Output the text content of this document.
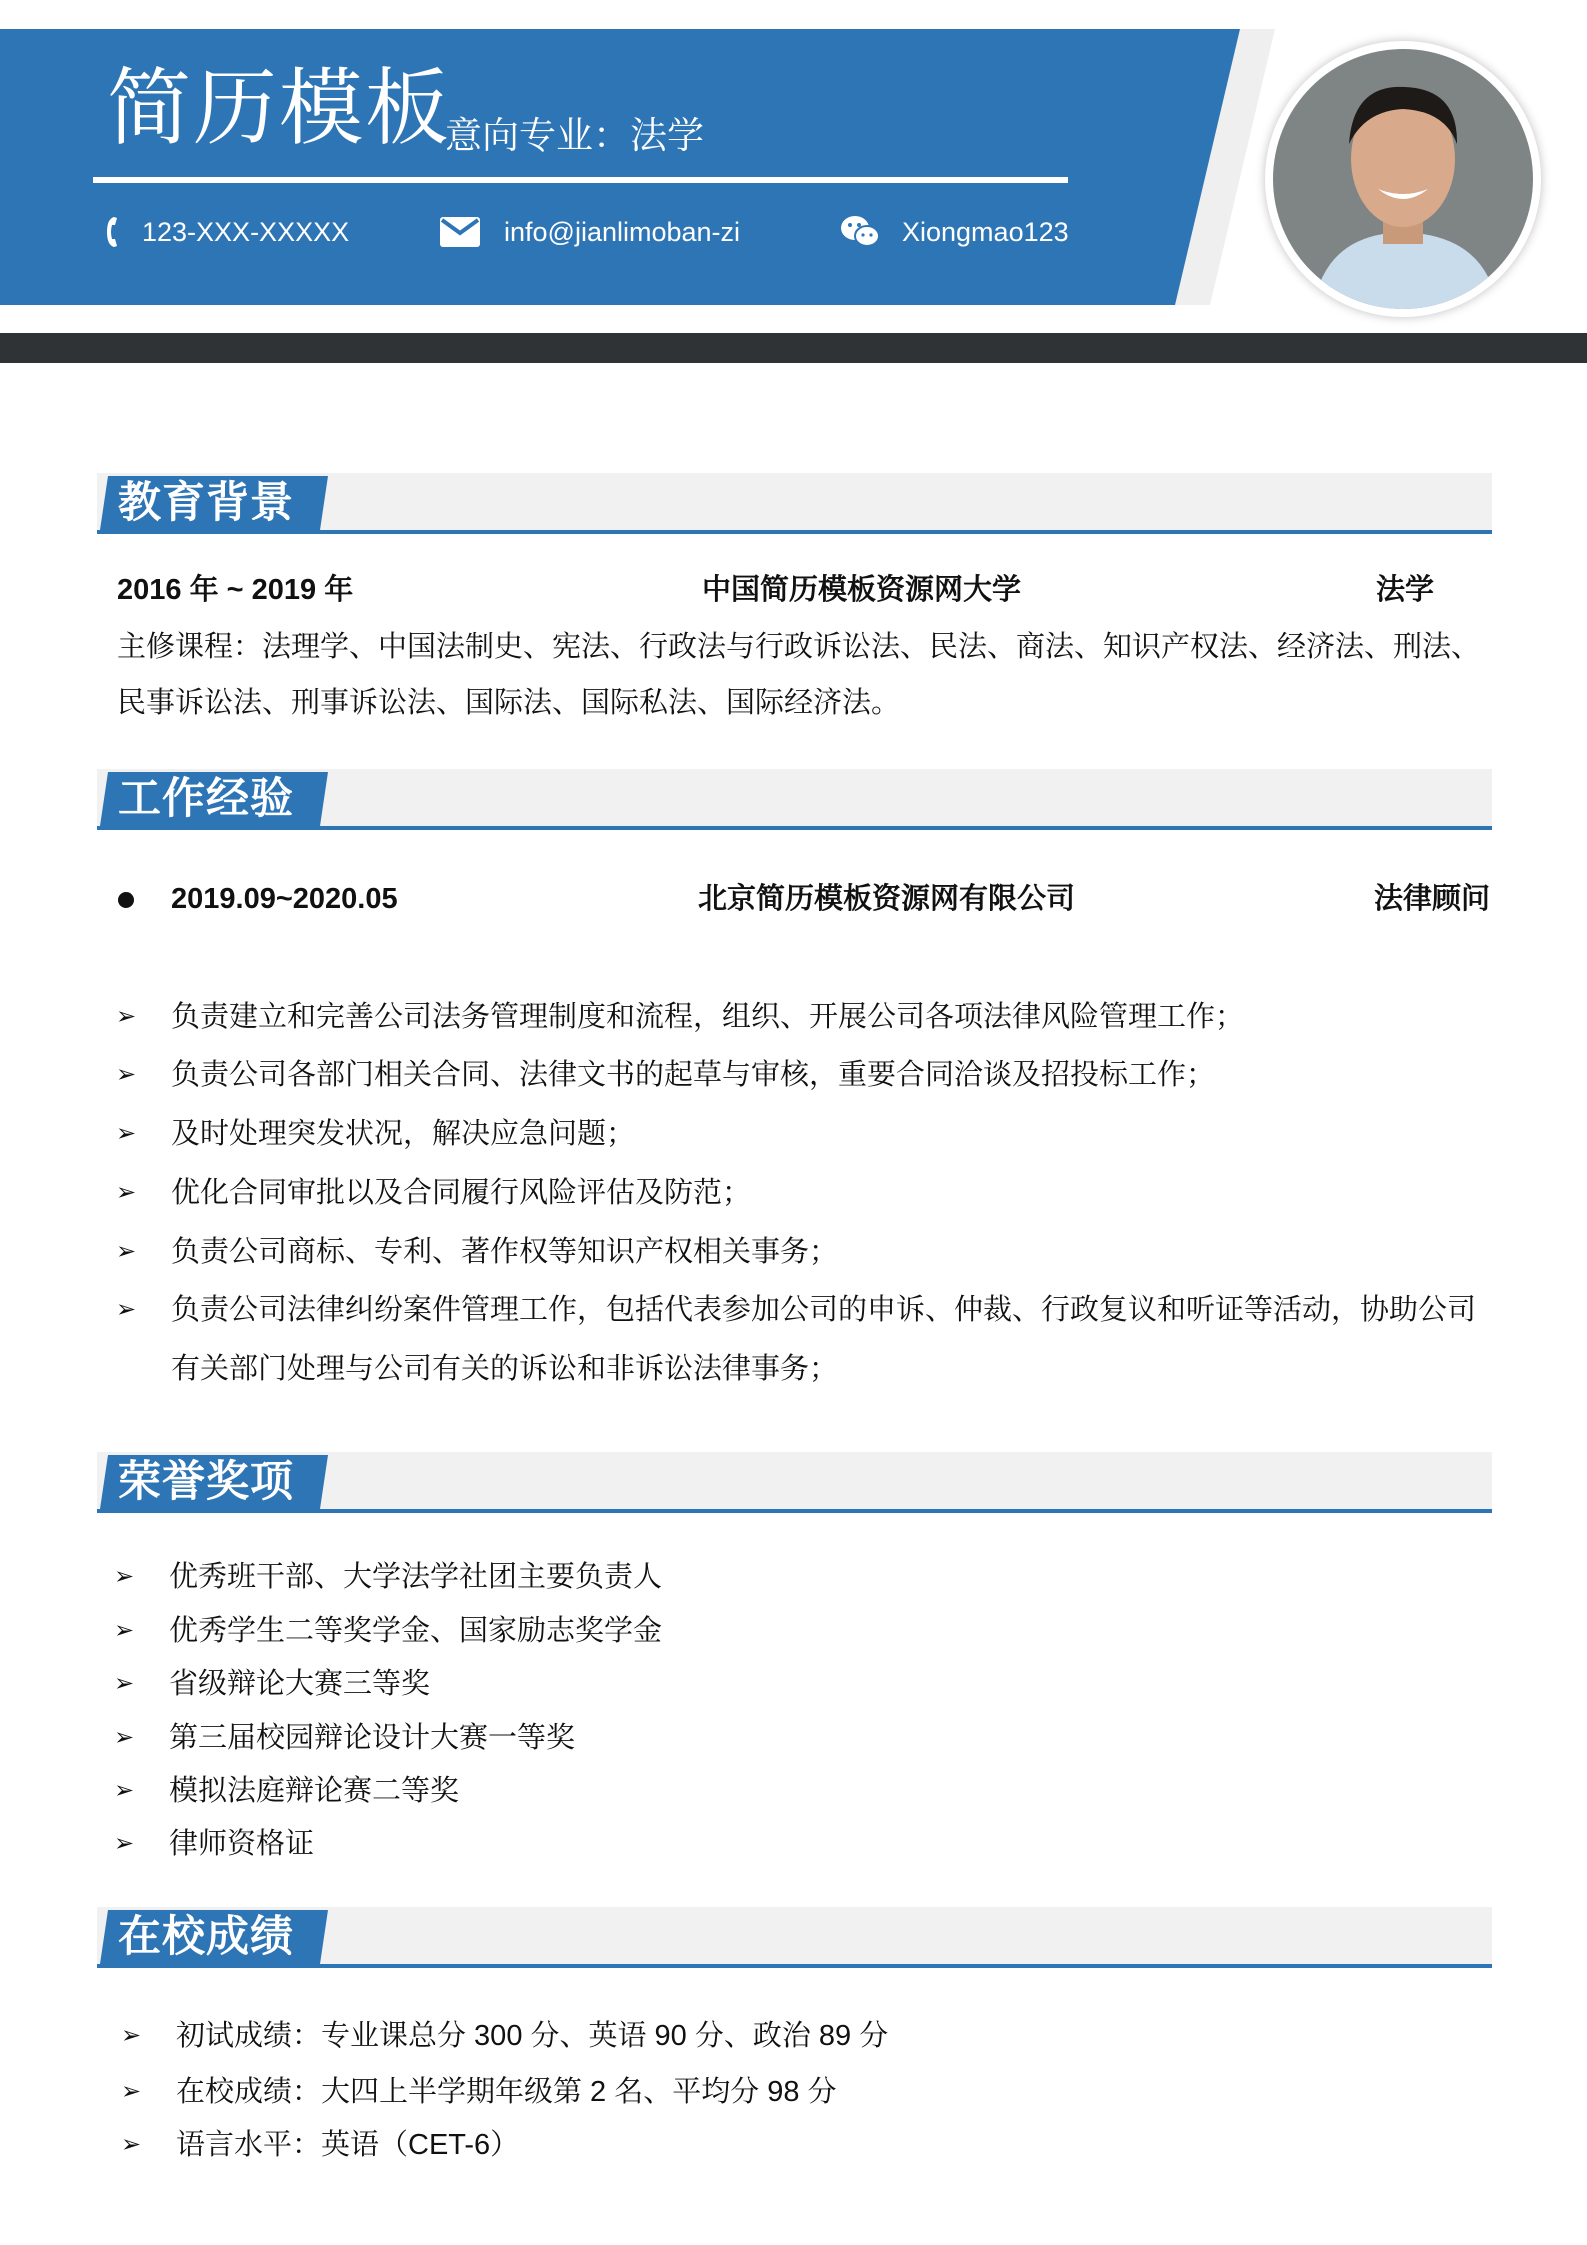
简历模板
意向专业：法学
123-XXX-XXXXX	info@jianlimoban-zi	Xiongmao123
教育背景
2016 年 ~ 2019 年	中国简历模板资源网大学	法学
主修课程：法理学、中国法制史、宪法、行政法与行政诉讼法、民法、商法、知识产权法、经济法、刑法、
民事诉讼法、刑事诉讼法、国际法、国际私法、国际经济法。
工作经验
2019.09~2020.05	北京简历模板资源网有限公司	法律顾问
➢ 负责建立和完善公司法务管理制度和流程，组织、开展公司各项法律风险管理工作；
➢ 负责公司各部门相关合同、法律文书的起草与审核，重要合同洽谈及招投标工作；
➢ 及时处理突发状况，解决应急问题；
➢ 优化合同审批以及合同履行风险评估及防范；
➢ 负责公司商标、专利、著作权等知识产权相关事务；
➢ 负责公司法律纠纷案件管理工作，包括代表参加公司的申诉、仲裁、行政复议和听证等活动，协助公司
有关部门处理与公司有关的诉讼和非诉讼法律事务；
荣誉奖项
➢ 优秀班干部、大学法学社团主要负责人
➢ 优秀学生二等奖学金、国家励志奖学金
➢ 省级辩论大赛三等奖
➢ 第三届校园辩论设计大赛一等奖
➢ 模拟法庭辩论赛二等奖
➢ 律师资格证
在校成绩
➢ 初试成绩：专业课总分 300 分、英语 90 分、政治 89 分
➢ 在校成绩：大四上半学期年级第 2 名、平均分 98 分
➢ 语言水平：英语（CET-6）
